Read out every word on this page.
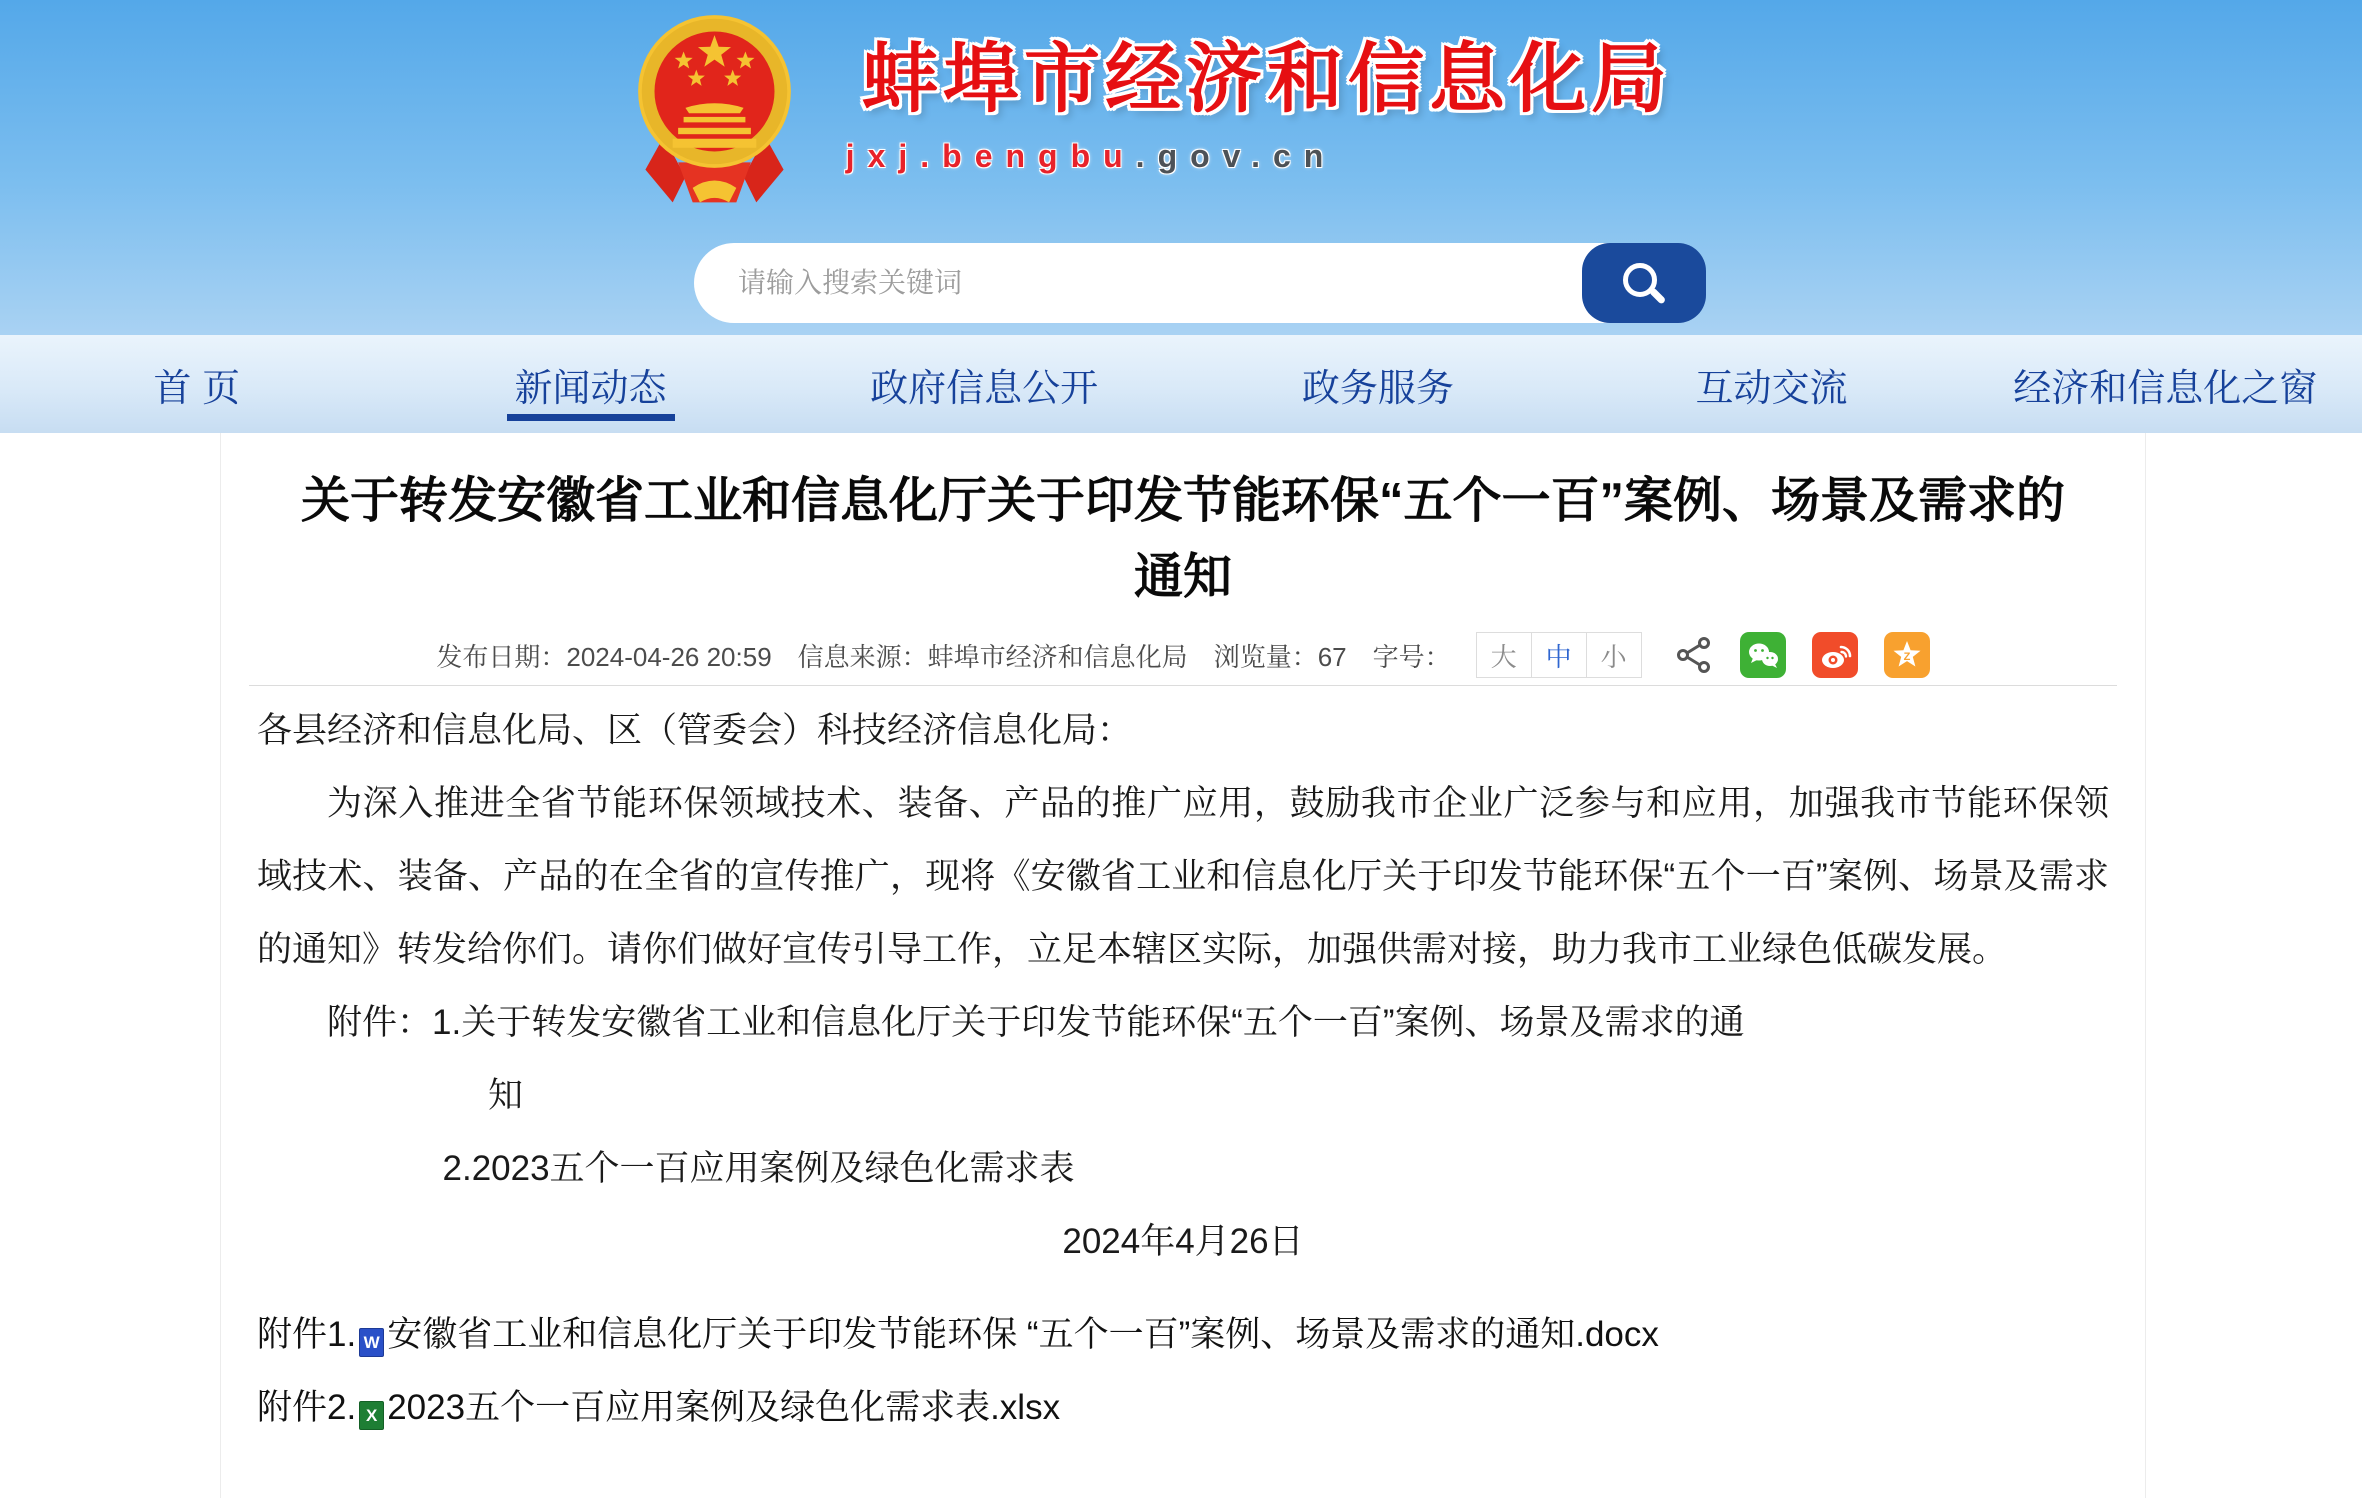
蚌埠市经济和信息化局
jxj.bengbu.gov.cn
请输入搜索关键词
首 页	新闻动态	政府信息公开	政务服务	互动交流	经济和信息化之窗
关于转发安徽省工业和信息化厅关于印发节能环保“五个一百”案例、场景及需求的通知
发布日期：2024-04-26 20:59 信息来源：蚌埠市经济和信息化局 浏览量：67 字号：	大	中	小	Z

各县经济和信息化局、区（管委会）科技经济信息化局：

为深入推进全省节能环保领域技术、装备、产品的推广应用，鼓励我市企业广泛参与和应用，加强我市节能环保领域技术、装备、产品的在全省的宣传推广，现将《安徽省工业和信息化厅关于印发节能环保“五个一百”案例、场景及需求的通知》转发给你们。请你们做好宣传引导工作，立足本辖区实际，加强供需对接，助力我市工业绿色低碳发展。

附件：1.关于转发安徽省工业和信息化厅关于印发节能环保“五个一百”案例、场景及需求的通

知

2.2023五个一百应用案例及绿色化需求表

2024年4月26日

附件1. W 安徽省工业和信息化厅关于印发节能环保 “五个一百”案例、场景及需求的通知.docx
附件2. X 2023五个一百应用案例及绿色化需求表.xlsx
